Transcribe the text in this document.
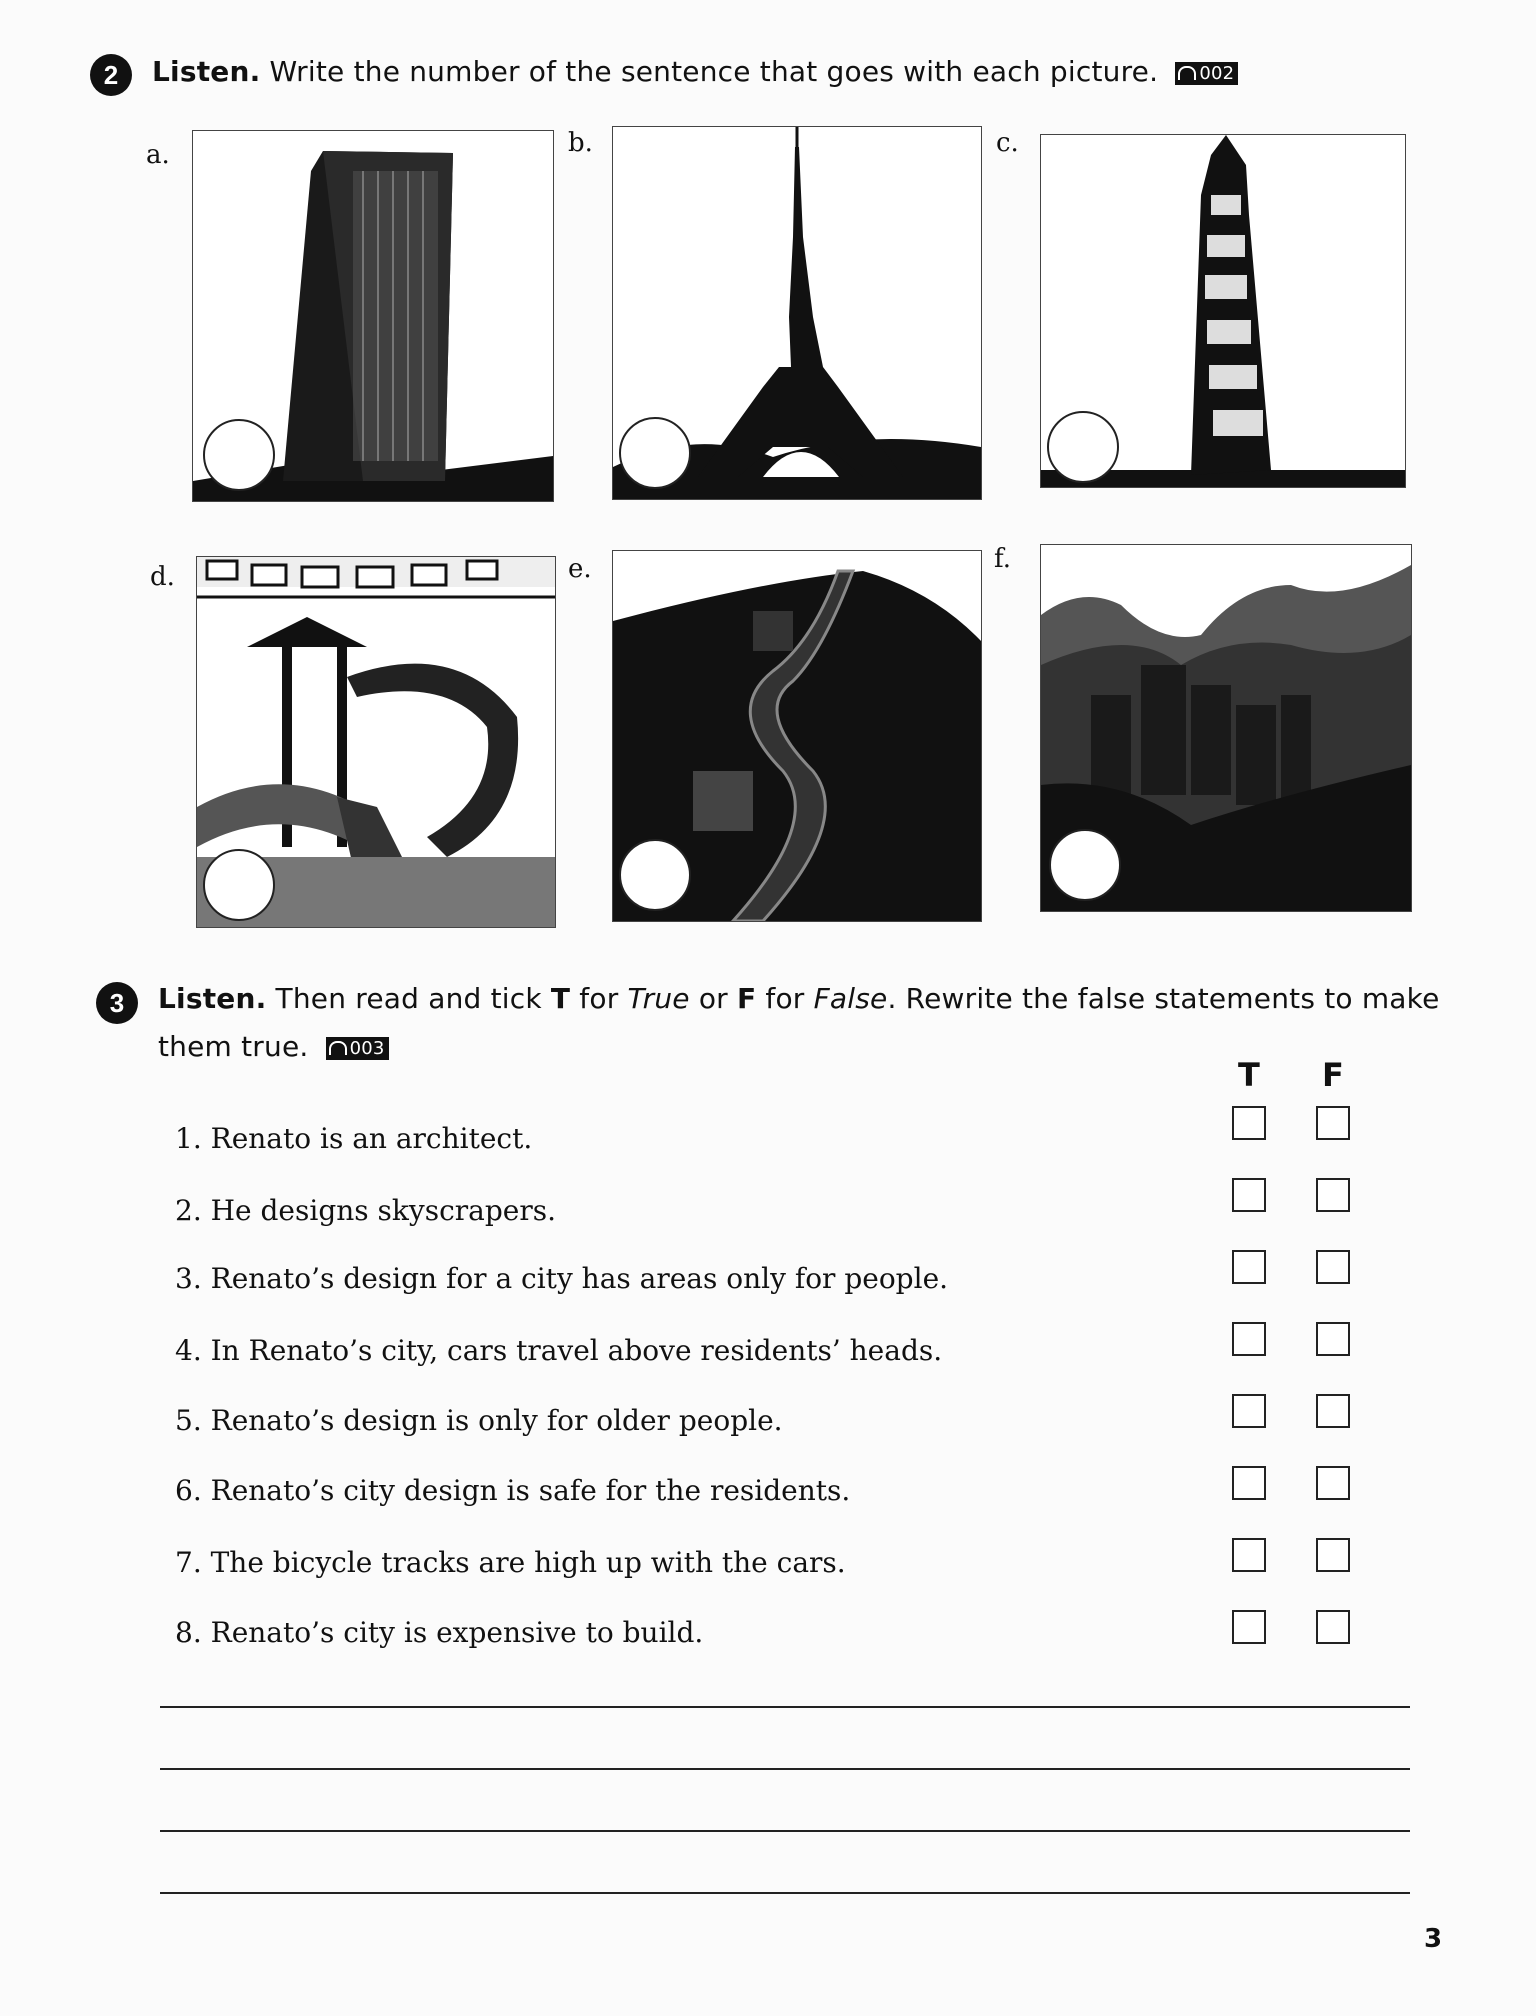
2	Listen. Write the number of the sentence that goes with each picture. 002
a.	b.	c.
d.	e.	f.
3	Listen. Then read and tick T for True or F for False. Rewrite the false statements to make
them true. 003
T F
1. Renato is an architect.
2. He designs skyscrapers.
3. Renato’s design for a city has areas only for people.
4. In Renato’s city, cars travel above residents’ heads.
5. Renato’s design is only for older people.
6. Renato’s city design is safe for the residents.
7. The bicycle tracks are high up with the cars.
8. Renato’s city is expensive to build.
3
